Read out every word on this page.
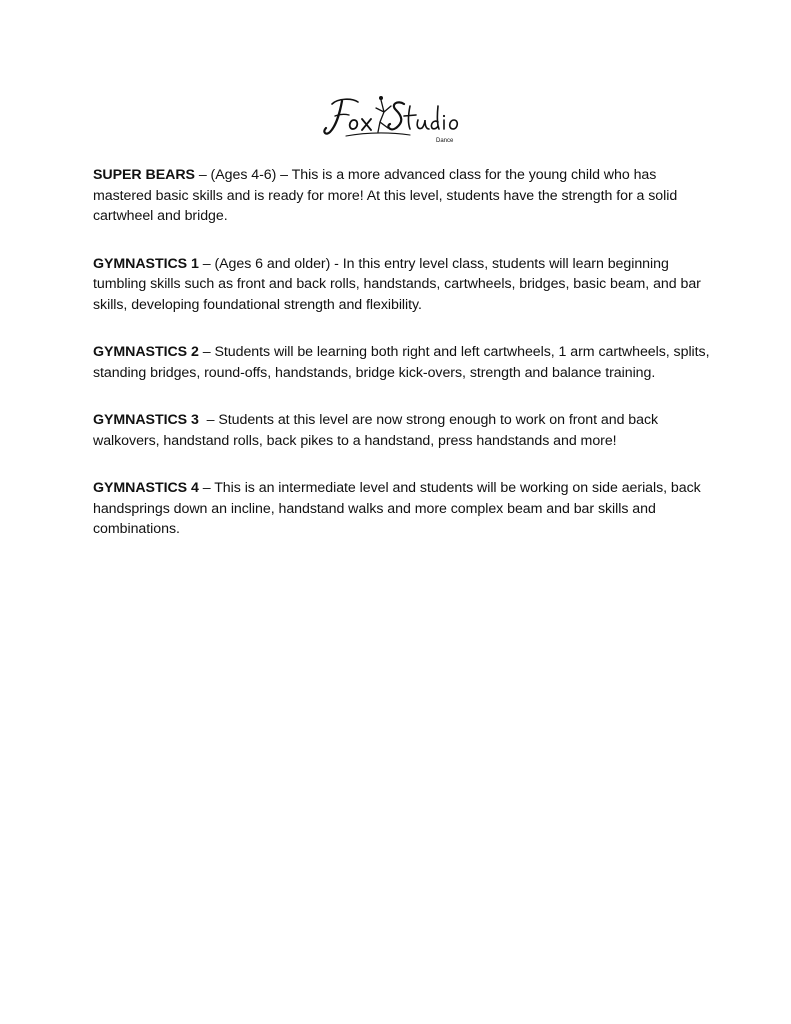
Dance

SUPER BEARS – (Ages 4-6) – This is a more advanced class for the young child who has mastered basic skills and is ready for more! At this level, students have the strength for a solid cartwheel and bridge.

GYMNASTICS 1 – (Ages 6 and older) - In this entry level class, students will learn beginning tumbling skills such as front and back rolls, handstands, cartwheels, bridges, basic beam, and bar skills, developing foundational strength and flexibility.

GYMNASTICS 2 – Students will be learning both right and left cartwheels, 1 arm cartwheels, splits, standing bridges, round-offs, handstands, bridge kick-overs, strength and balance training.

GYMNASTICS 3  – Students at this level are now strong enough to work on front and back walkovers, handstand rolls, back pikes to a handstand, press handstands and more!

GYMNASTICS 4 – This is an intermediate level and students will be working on side aerials, back handsprings down an incline, handstand walks and more complex beam and bar skills and combinations.
